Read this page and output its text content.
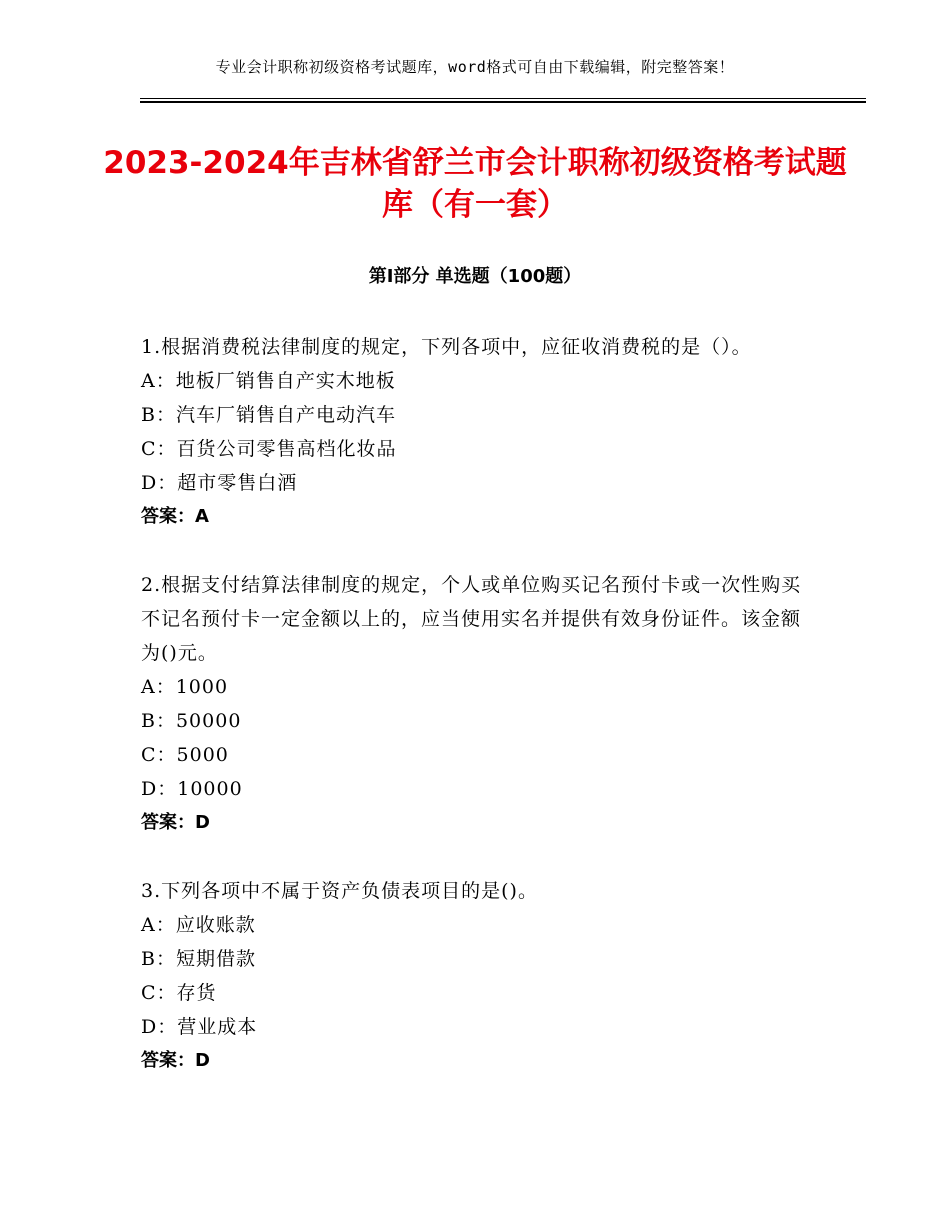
专业会计职称初级资格考试题库，word格式可自由下载编辑，附完整答案！
2023-2024年吉林省舒兰市会计职称初级资格考试题库（有一套）
第Ⅰ部分 单选题（100题）
1.根据消费税法律制度的规定，下列各项中，应征收消费税的是（）。
A：地板厂销售自产实木地板
B：汽车厂销售自产电动汽车
C：百货公司零售高档化妆品
D：超市零售白酒
答案：A
2.根据支付结算法律制度的规定，个人或单位购买记名预付卡或一次性购买不记名预付卡一定金额以上的，应当使用实名并提供有效身份证件。该金额为()元。
A：1000
B：50000
C：5000
D：10000
答案：D
3.下列各项中不属于资产负债表项目的是()。
A：应收账款
B：短期借款
C：存货
D：营业成本
答案：D
